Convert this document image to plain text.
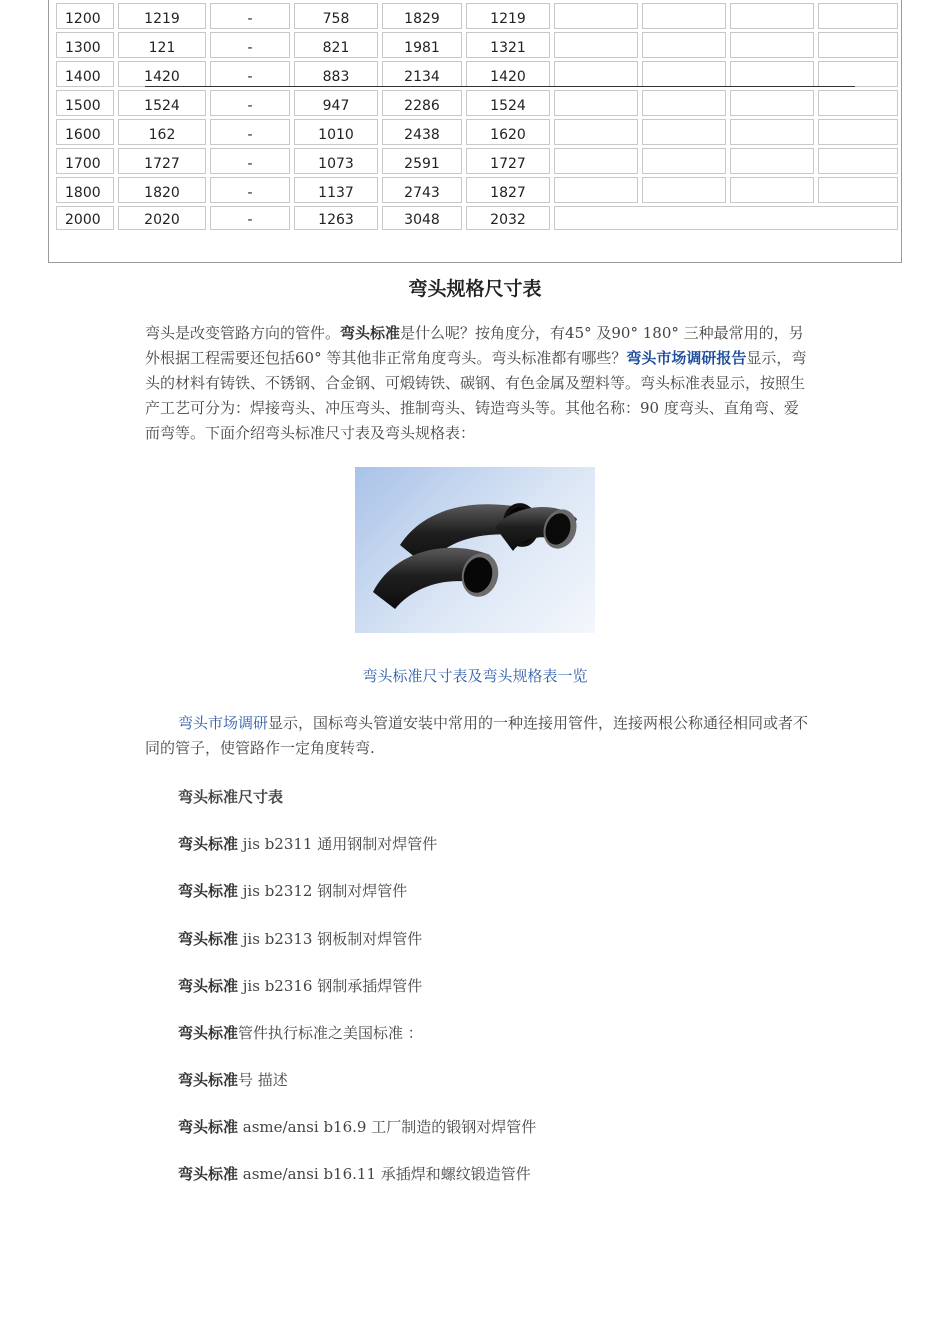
1200	1219	-	758	1829	1219				
1300	121	-	821	1981	1321				
1400	1420	-	883	2134	1420				
1500	1524	-	947	2286	1524				
1600	162	-	1010	2438	1620				
1700	1727	-	1073	2591	1727				
1800	1820	-	1137	2743	1827				
2000	2020	-	1263	3048	2032				
弯头规格尺寸表

弯头是改变管路方向的管件。弯头标准是什么呢？按角度分，有45° 及90° 180° 三种最常用的，另外根据工程需要还包括60° 等其他非正常角度弯头。弯头标准都有哪些？弯头市场调研报告显示，弯头的材料有铸铁、不锈钢、合金钢、可煅铸铁、碳钢、有色金属及塑料等。弯头标准表显示，按照生产工艺可分为：焊接弯头、冲压弯头、推制弯头、铸造弯头等。其他名称：90 度弯头、直角弯、爱而弯等。下面介绍弯头标准尺寸表及弯头规格表：

弯头标准尺寸表及弯头规格表一览

弯头市场调研显示，国标弯头管道安装中常用的一种连接用管件，连接两根公称通径相同或者不同的管子，使管路作一定角度转弯.

弯头标准尺寸表
弯头标准 jis b2311 通用钢制对焊管件
弯头标准 jis b2312 钢制对焊管件
弯头标准 jis b2313 钢板制对焊管件
弯头标准 jis b2316 钢制承插焊管件
弯头标准管件执行标准之美国标准 ：
弯头标准号 描述
弯头标准 asme/ansi b16.9 工厂制造的锻钢对焊管件
弯头标准 asme/ansi b16.11 承插焊和螺纹锻造管件
